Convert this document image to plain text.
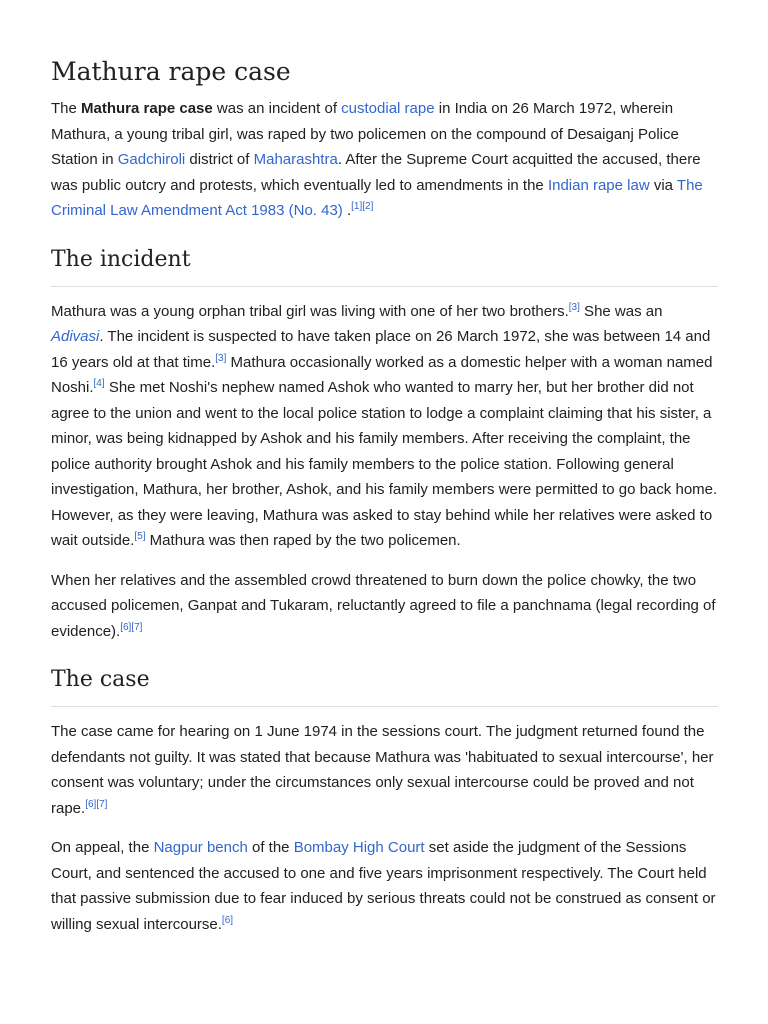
Mathura rape case

The Mathura rape case was an incident of custodial rape in India on 26 March 1972, wherein Mathura, a young tribal girl, was raped by two policemen on the compound of Desaiganj Police Station in Gadchiroli district of Maharashtra. After the Supreme Court acquitted the accused, there was public outcry and protests, which eventually led to amendments in the Indian rape law via The Criminal Law Amendment Act 1983 (No. 43) .[1][2]

The incident

Mathura was a young orphan tribal girl was living with one of her two brothers.[3] She was an Adivasi. The incident is suspected to have taken place on 26 March 1972, she was between 14 and 16 years old at that time.[3] Mathura occasionally worked as a domestic helper with a woman named Noshi.[4] She met Noshi's nephew named Ashok who wanted to marry her, but her brother did not agree to the union and went to the local police station to lodge a complaint claiming that his sister, a minor, was being kidnapped by Ashok and his family members. After receiving the complaint, the police authority brought Ashok and his family members to the police station. Following general investigation, Mathura, her brother, Ashok, and his family members were permitted to go back home. However, as they were leaving, Mathura was asked to stay behind while her relatives were asked to wait outside.[5] Mathura was then raped by the two policemen.

When her relatives and the assembled crowd threatened to burn down the police chowky, the two accused policemen, Ganpat and Tukaram, reluctantly agreed to file a panchnama (legal recording of evidence).[6][7]

The case

The case came for hearing on 1 June 1974 in the sessions court. The judgment returned found the defendants not guilty. It was stated that because Mathura was 'habituated to sexual intercourse', her consent was voluntary; under the circumstances only sexual intercourse could be proved and not rape.[6][7]

On appeal, the Nagpur bench of the Bombay High Court set aside the judgment of the Sessions Court, and sentenced the accused to one and five years imprisonment respectively. The Court held that passive submission due to fear induced by serious threats could not be construed as consent or willing sexual intercourse.[6]
